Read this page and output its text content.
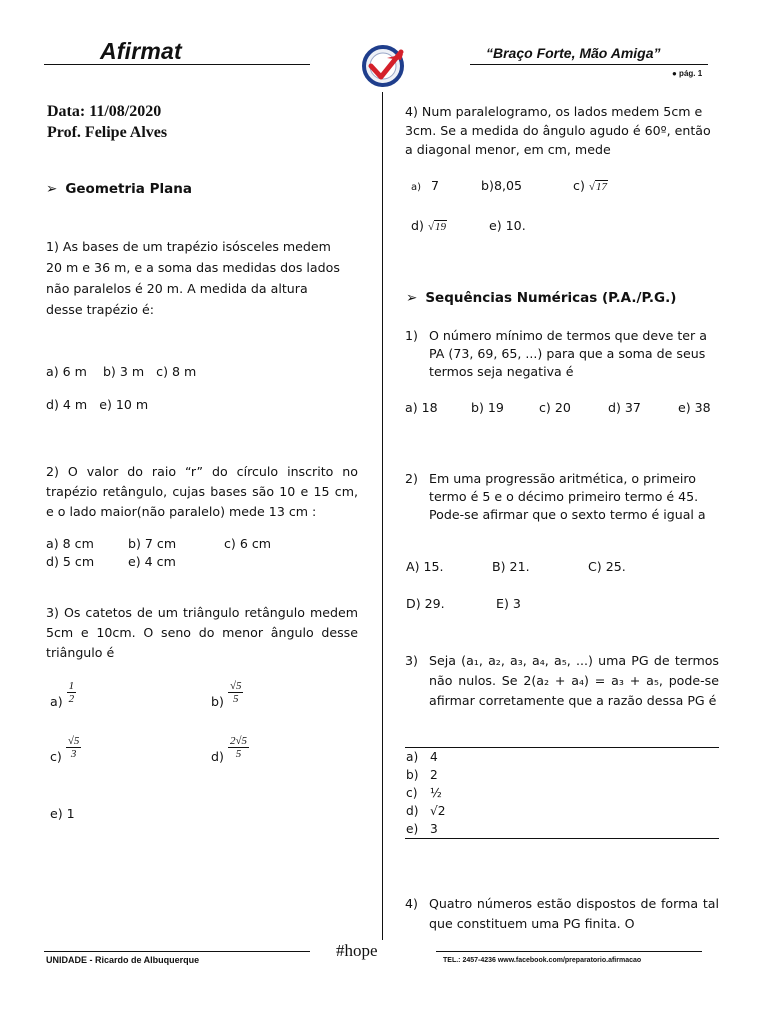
Afirmat	“Braço Forte, Mão Amiga”
● pág. 1
Data: 11/08/2020
Prof. Felipe Alves
➢ Geometria Plana
1) As bases de um trapézio isósceles medem 20 m e 36 m, e a soma das medidas dos lados não paralelos é 20 m. A medida da altura desse trapézio é:
a) 6 m b) 3 m c) 8 m
d) 4 m e) 10 m
2) O valor do raio “r” do círculo inscrito no trapézio retângulo, cujas bases são 10 e 15 cm, e o lado maior(não paralelo) mede 13 cm :
a) 8 cm	b) 7 cm	c) 6 cm
d) 5 cm	e) 4 cm
3) Os catetos de um triângulo retângulo medem 5cm e 10cm. O seno do menor ângulo desse triângulo é
$a) \frac{1}{2}$	$b) \frac{√5}{5}$
$c) \frac{√5}{3}$	$d) \frac{2√5}{5}$
e) 1
4) Num paralelogramo, os lados medem 5cm e 3cm. Se a medida do ângulo agudo é 60º, então a diagonal menor, em cm, mede
a) 7	b)8,05	c) √17
d) √19	e) 10.
➢ Sequências Numéricas (P.A./P.G.)
1) O número mínimo de termos que deve ter a PA (73, 69, 65, ...) para que a soma de seus termos seja negativa é
a) 18	b) 19	c) 20	d) 37	e) 38
2) Em uma progressão aritmética, o primeiro termo é 5 e o décimo primeiro termo é 45. Pode-se afirmar que o sexto termo é igual a
A) 15.	B) 21.	C) 25.
D) 29.	E) 3
3) Seja (a₁, a₂, a₃, a₄, a₅, ...) uma PG de termos não nulos. Se 2(a₂ + a₄) = a₃ + a₅, pode-se afirmar corretamente que a razão dessa PG é
a) 4
b) 2
c) ½
d) √2
e) 3
4) Quatro números estão dispostos de forma tal que constituem uma PG finita. O
UNIDADE - Ricardo de Albuquerque	#hope
TEL.: 2457-4236 www.facebook.com/preparatorio.afirmacao
